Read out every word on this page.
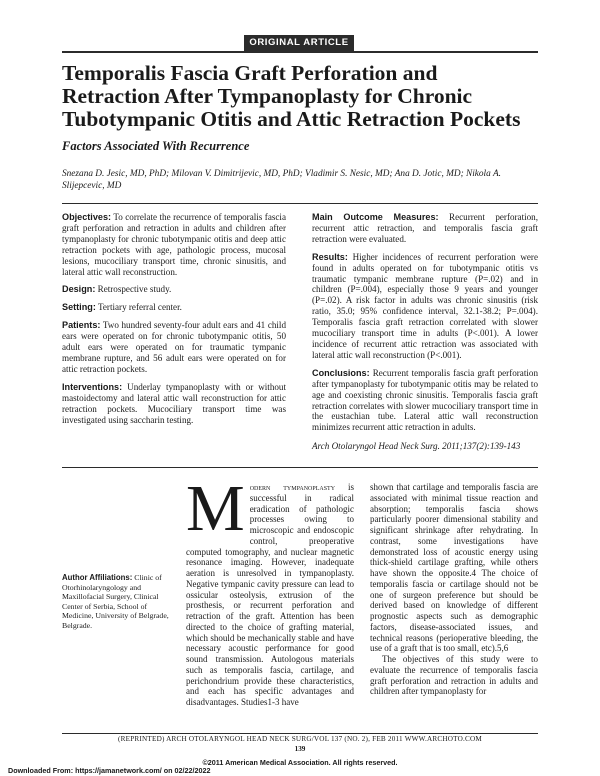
ORIGINAL ARTICLE
Temporalis Fascia Graft Perforation and Retraction After Tympanoplasty for Chronic Tubotympanic Otitis and Attic Retraction Pockets
Factors Associated With Recurrence
Snezana D. Jesic, MD, PhD; Milovan V. Dimitrijevic, MD, PhD; Vladimir S. Nesic, MD; Ana D. Jotic, MD; Nikola A. Slijepcevic, MD

Objectives: To correlate the recurrence of temporalis fascia graft perforation and retraction in adults and children after tympanoplasty for chronic tubotympanic otitis and deep attic retraction pockets with age, pathologic process, mucosal lesions, mucociliary transport time, chronic sinusitis, and lateral attic wall reconstruction.

Design: Retrospective study.

Setting: Tertiary referral center.

Patients: Two hundred seventy-four adult ears and 41 child ears were operated on for chronic tubotympanic otitis, 50 adult ears were operated on for traumatic tympanic membrane rupture, and 56 adult ears were operated on for attic retraction pockets.

Interventions: Underlay tympanoplasty with or without mastoidectomy and lateral attic wall reconstruction for attic retraction pockets. Mucociliary transport time was investigated using saccharin testing.

Main Outcome Measures: Recurrent perforation, recurrent attic retraction, and temporalis fascia graft retraction were evaluated.

Results: Higher incidences of recurrent perforation were found in adults operated on for tubotympanic otitis vs traumatic tympanic membrane rupture (P=.02) and in children (P=.004), especially those 9 years and younger (P=.02). A risk factor in adults was chronic sinusitis (risk ratio, 35.0; 95% confidence interval, 32.1-38.2; P=.004). Temporalis fascia graft retraction correlated with slower mucociliary transport time in adults (P<.001). A lower incidence of recurrent attic retraction was associated with lateral attic wall reconstruction (P<.001).

Conclusions: Recurrent temporalis fascia graft perforation after tympanoplasty for tubotympanic otitis may be related to age and coexisting chronic sinusitis. Temporalis fascia graft retraction correlates with slower mucociliary transport time in the eustachian tube. Lateral attic wall reconstruction minimizes recurrent attic retraction in adults.

Arch Otolaryngol Head Neck Surg. 2011;137(2):139-143

Author Affiliations: Clinic of Otorhinolaryngology and Maxillofacial Surgery, Clinical Center of Serbia, School of Medicine, University of Belgrade, Belgrade.
Modern tympanoplasty is successful in radical eradication of pathologic processes owing to microscopic and endoscopic control, preoperative computed tomography, and nuclear magnetic resonance imaging. However, inadequate aeration is unresolved in tympanoplasty. Negative tympanic cavity pressure can lead to ossicular osteolysis, extrusion of the prosthesis, or recurrent perforation and retraction of the graft. Attention has been directed to the choice of grafting material, which should be mechanically stable and have necessary acoustic performance for good sound transmission. Autologous materials such as temporalis fascia, cartilage, and perichondrium provide these characteristics, and each has specific advantages and disadvantages. Studies1-3 have
shown that cartilage and temporalis fascia are associated with minimal tissue reaction and absorption; temporalis fascia shows particularly poorer dimensional stability and significant shrinkage after rehydrating. In contrast, some investigations have demonstrated loss of acoustic energy using thick-shield cartilage grafting, while others have shown the opposite.4 The choice of temporalis fascia or cartilage should not be one of surgeon preference but should be derived based on knowledge of different prognostic aspects such as demographic factors, disease-associated issues, and technical reasons (perioperative bleeding, the use of a graft that is too small, etc).5,6
The objectives of this study were to evaluate the recurrence of temporalis fascia graft perforation and retraction in adults and children after tympanoplasty for
(REPRINTED) ARCH OTOLARYNGOL HEAD NECK SURG/VOL 137 (NO. 2), FEB 2011 WWW.ARCHOTO.COM
139
©2011 American Medical Association. All rights reserved.
Downloaded From: https://jamanetwork.com/ on 02/22/2022
